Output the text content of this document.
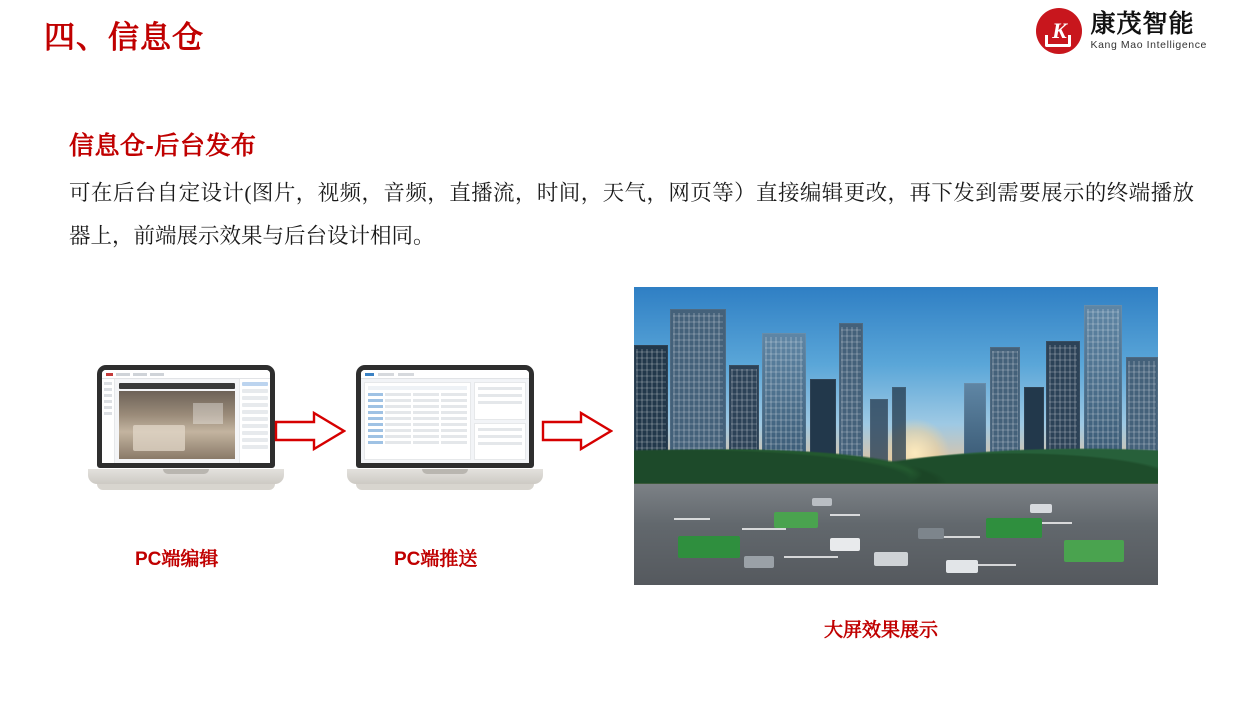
四、信息仓	K 康茂智能
Kang Mao Intelligence
信息仓-后台发布
可在后台自定设计(图片，视频，音频，直播流，时间，天气，网页等）直接编辑更改，再下发到需要展示的终端播放器上，前端展示效果与后台设计相同。
PC端编辑	PC端推送
大屏效果展示
